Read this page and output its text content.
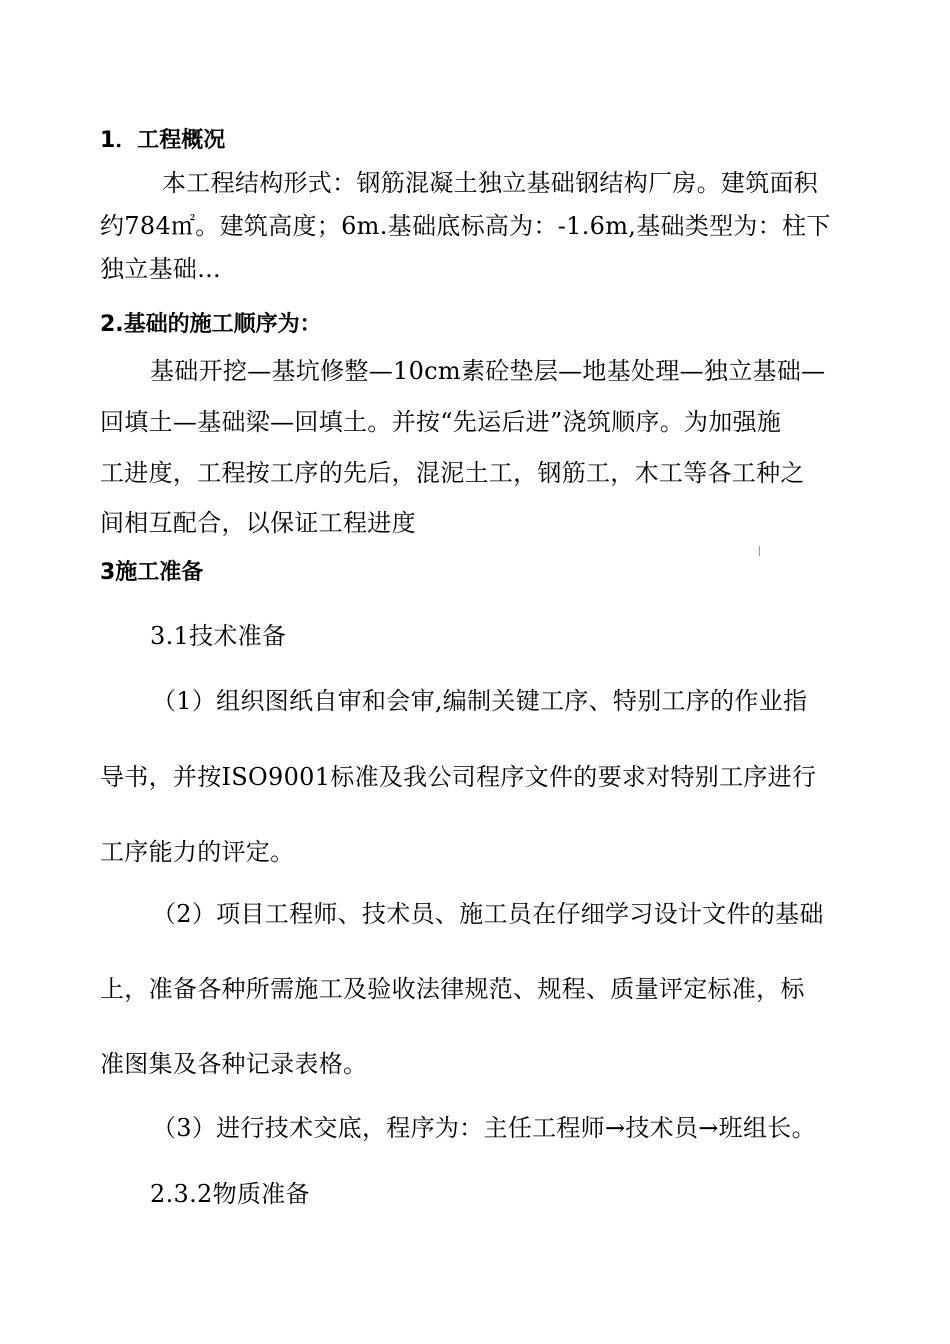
1．工程概况
本工程结构形式：钢筋混凝土独立基础钢结构厂房。建筑面积
约784㎡。建筑高度；6m.基础底标高为：-1.6m,基础类型为：柱下
独立基础...
2.基础的施工顺序为：
基础开挖—基坑修整—10cm素砼垫层—地基处理—独立基础—
回填土—基础梁—回填土。并按“先运后进”浇筑顺序。为加强施
工进度，工程按工序的先后，混泥土工，钢筋工，木工等各工种之
间相互配合，以保证工程进度
3施工准备
3.1技术准备
（1）组织图纸自审和会审,编制关键工序、特别工序的作业指
导书，并按ISO9001标准及我公司程序文件的要求对特别工序进行
工序能力的评定。
（2）项目工程师、技术员、施工员在仔细学习设计文件的基础
上，准备各种所需施工及验收法律规范、规程、质量评定标准，标
准图集及各种记录表格。
（3）进行技术交底，程序为：主任工程师→技术员→班组长。
2.3.2物质准备
